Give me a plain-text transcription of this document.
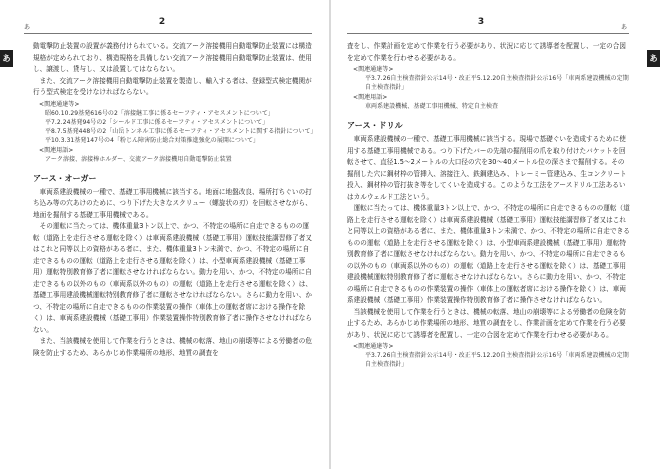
あ
2
あ

動電撃防止装置の設置が義務付けられている。交流アーク溶接機用自動電撃防止装置には構造規格が定められており、構造規格を具備しない交流アーク溶接機用自動電撃防止装置は、使用し、譲渡し、貸与し、又は設置してはならない。

また、交流アーク溶接機用自動電撃防止装置を製造し、輸入する者は、登録型式検定機関が行う型式検定を受けなければならない。

<関連通達等>

昭60.10.29基発616号の2「溶接継工事に係るセーフティ・アセスメントについて」

平7.2.24基発94号の2「シールド工事に係るセーフティ・アセスメントについて」

平8.7.5基発448号の2「山岳トンネル工事に係るセーフティ・アセスメントに関する指針について」

平10.3.31基発147号の4「粉じん障害防止総合対策推進強化の展開について」

<関連用語>

アーク溶接、溶接棒ホルダー、交流アーク溶接機用自動電撃防止装置

アース・オーガー

車両系建設機械の一種で、基礎工事用機械に該当する。地面に地盤改良、場所打ちぐいの打ち込み等の穴あけのために、つり下げた大きなスクリュー（螺旋状の刃）を回転させながら、地面を掘削する基礎工事用機械である。

その運転に当たっては、機体重量3トン以上で、かつ、不特定の場所に自走できるものの運転（道路上を走行させる運転を除く）は車両系建設機械（基礎工事用）運転技能講習修了者又はこれと同等以上の資格がある者に、また、機体重量3トン未満で、かつ、不特定の場所に自走できるものの運転（道路上を走行させる運転を除く）は、小型車両系建設機械（基礎工事用）運転特別教育修了者に運転させなければならない。動力を用い、かつ、不特定の場所に自走できるもの以外のもの（車両系以外のもの）の運転（道路上を走行させる運転を除く）は、基礎工事用建設機械運転特別教育修了者に運転させなければならない。さらに動力を用い、かつ、不特定の場所に自走できるものの作業装置の操作（車体上の運転者席における操作を除く）は、車両系建設機械（基礎工事用）作業装置操作特別教育修了者に操作させなければならない。

また、当該機械を使用して作業を行うときは、機械の転落、地山の崩壊等による労働者の危険を防止するため、あらかじめ作業場所の地形、地質の調査を

3
あ
あ

査をし、作業計画を定めて作業を行う必要があり、状況に応じて誘導者を配置し、一定の合図を定めて作業を行わせる必要がある。

<関連通達等>

平3.7.26自主検査指針公示14号・改正平5.12.20自主検査指針公示16号「車両系建設機械の定期自主検査指針」

<関連用語>

車両系建設機械、基礎工事用機械、特定自主検査

アース・ドリル

車両系建設機械の一種で、基礎工事用機械に該当する。現場で基礎ぐいを造成するために使用する基礎工事用機械である。つり下げたバーの先端の掘削用の爪を取り付けたバケットを回転させて、直径1.5～2メートルの大口径の穴を30～40メートル位の深さまで掘削する。その掘削した穴に鋼材枠の管挿入、溶接注入、鉄鋼建込み、トレーミー管建込み、生コンクリート投入、鋼材枠の管打抜き等をしてくいを造成する。このような工法をアースドリル工法あるいはカルウェルド工法という。

運転に当たっては、機体重量3トン以上で、かつ、不特定の場所に自走できるものの運転（道路上を走行させる運転を除く）は車両系建設機械（基礎工事用）運転技能講習修了者又はこれと同等以上の資格がある者に、また、機体重量3トン未満で、かつ、不特定の場所に自走できるものの運転（道路上を走行させる運転を除く）は、小型車両系建設機械（基礎工事用）運転特別教育修了者に運転させなければならない。動力を用い、かつ、不特定の場所に自走できるもの以外のもの（車両系以外のもの）の運転（道路上を走行させる運転を除く）は、基礎工事用建設機械運転特別教育修了者に運転させなければならない。さらに動力を用い、かつ、不特定の場所に自走できるものの作業装置の操作（車体上の運転者席における操作を除く）は、車両系建設機械（基礎工事用）作業装置操作特別教育修了者に操作させなければならない。

当該機械を使用して作業を行うときは、機械の転落、地山の崩壊等による労働者の危険を防止するため、あらかじめ作業場所の地形、地質の調査をし、作業計画を定めて作業を行う必要があり、状況に応じて誘導者を配置し、一定の合図を定めて作業を行わせる必要がある。

<関連通達等>

平3.7.26自主検査指針公示14号・改正平5.12.20自主検査指針公示16号「車両系建設機械の定期自主検査指針」
